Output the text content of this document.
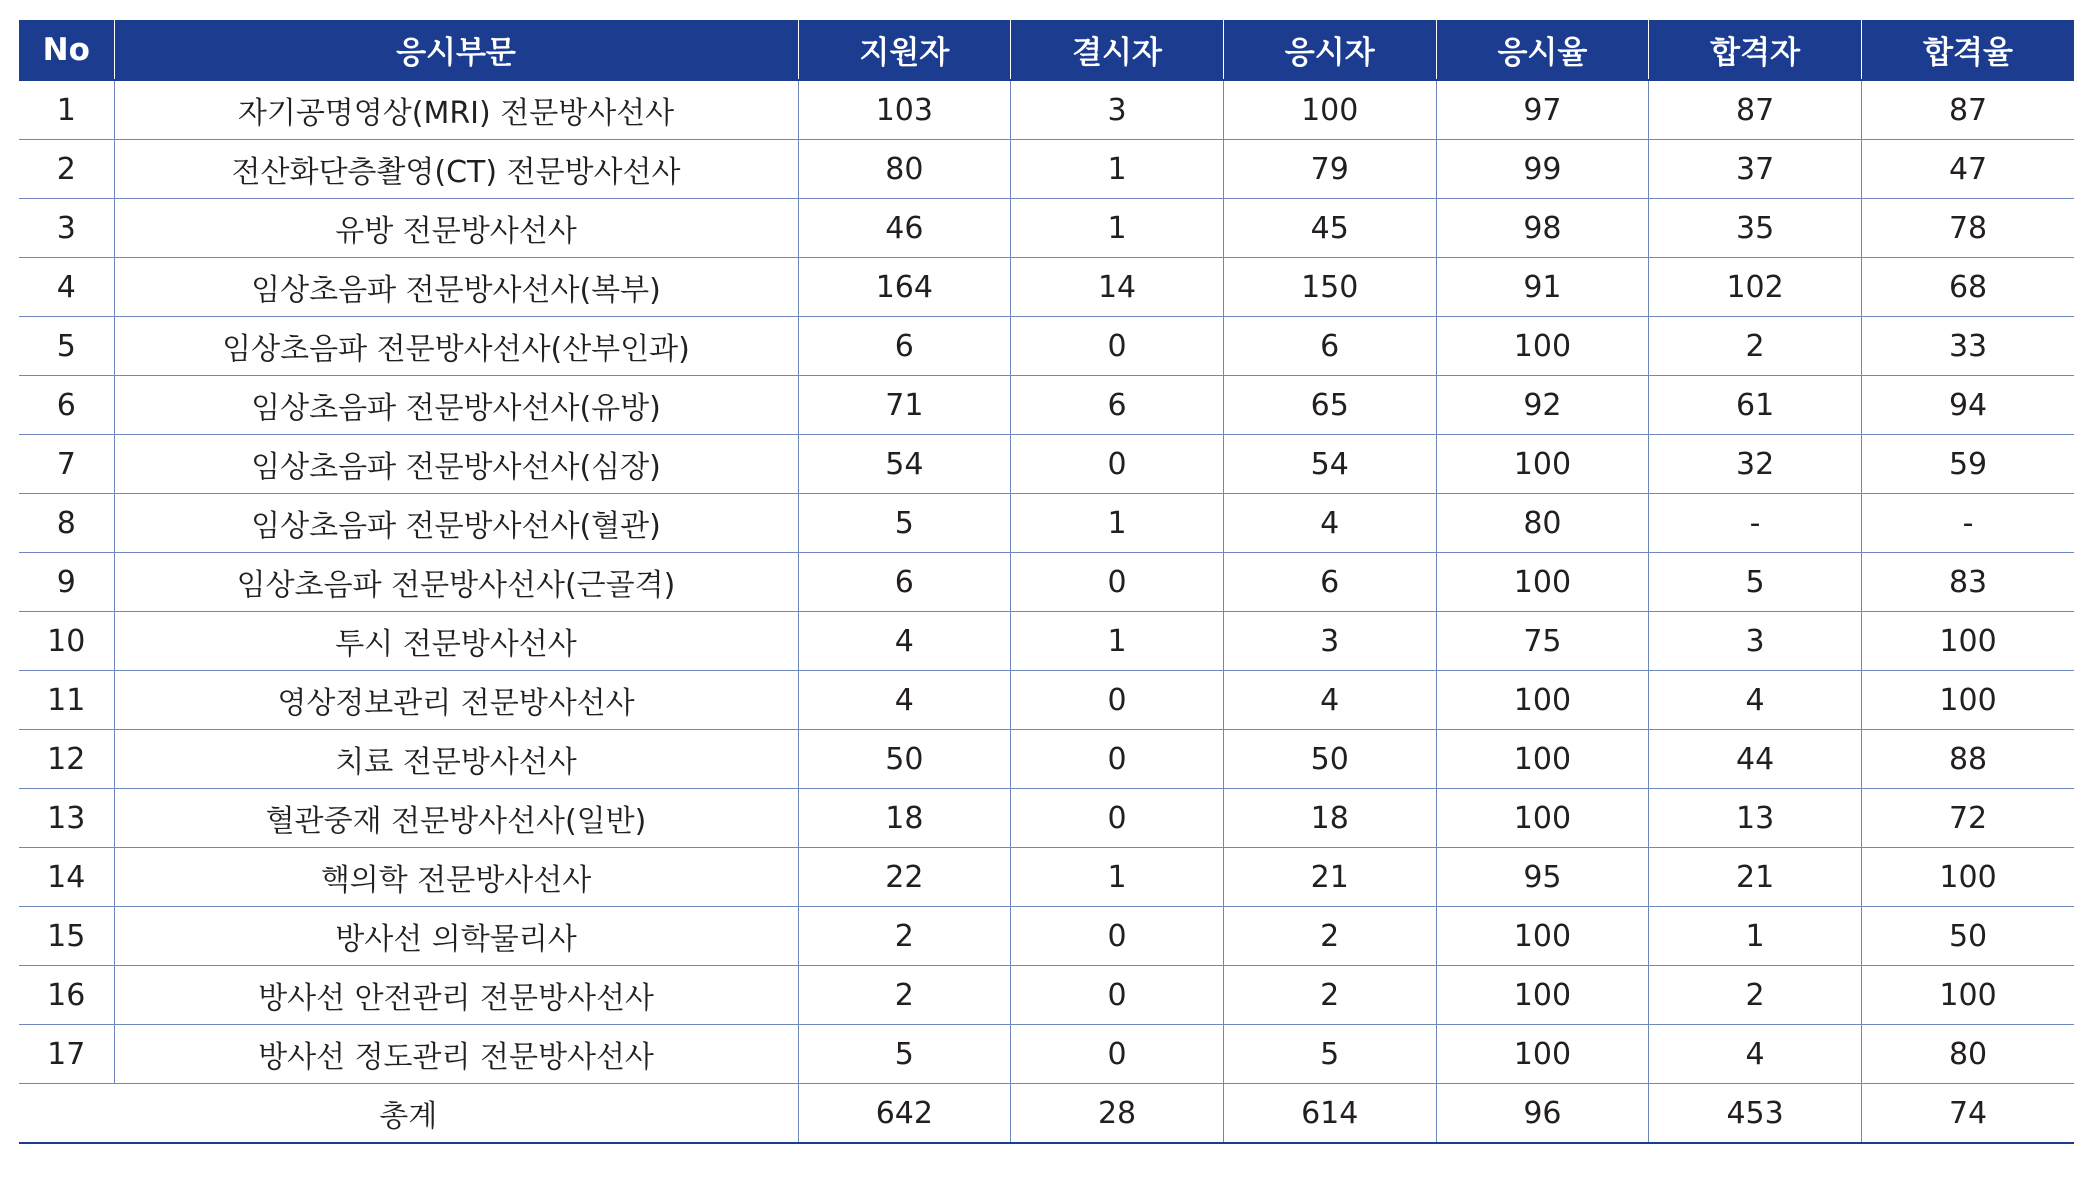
No	응시부문	지원자	결시자	응시자	응시율	합격자	합격율
1	자기공명영상(MRI) 전문방사선사	103	3	100	97	87	87
2	전산화단층촬영(CT) 전문방사선사	80	1	79	99	37	47
3	유방 전문방사선사	46	1	45	98	35	78
4	임상초음파 전문방사선사(복부)	164	14	150	91	102	68
5	임상초음파 전문방사선사(산부인과)	6	0	6	100	2	33
6	임상초음파 전문방사선사(유방)	71	6	65	92	61	94
7	임상초음파 전문방사선사(심장)	54	0	54	100	32	59
8	임상초음파 전문방사선사(혈관)	5	1	4	80	-	-
9	임상초음파 전문방사선사(근골격)	6	0	6	100	5	83
10	투시 전문방사선사	4	1	3	75	3	100
11	영상정보관리 전문방사선사	4	0	4	100	4	100
12	치료 전문방사선사	50	0	50	100	44	88
13	혈관중재 전문방사선사(일반)	18	0	18	100	13	72
14	핵의학 전문방사선사	22	1	21	95	21	100
15	방사선 의학물리사	2	0	2	100	1	50
16	방사선 안전관리 전문방사선사	2	0	2	100	2	100
17	방사선 정도관리 전문방사선사	5	0	5	100	4	80
총계		642	28	614	96	453	74
